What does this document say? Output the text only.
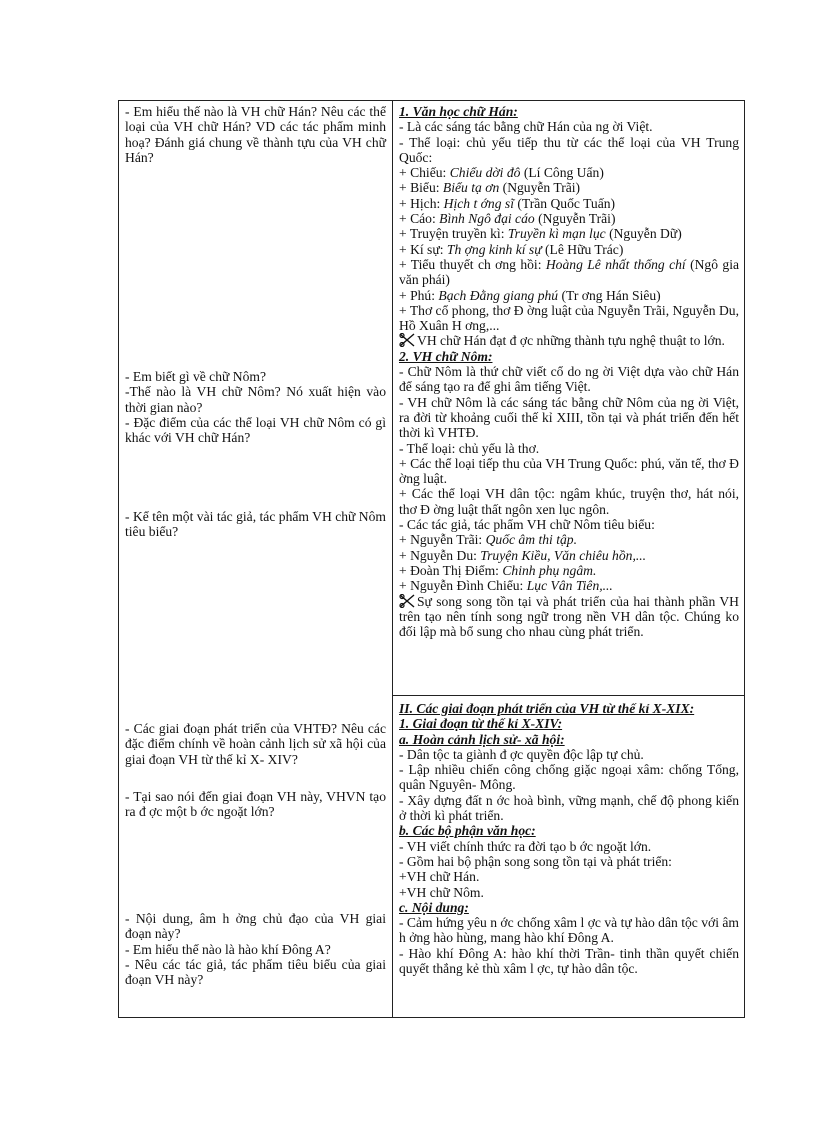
- Em hiểu thế nào là VH chữ Hán? Nêu các thể loại của VH chữ Hán? VD các tác phẩm minh hoạ? Đánh giá chung về thành tựu của VH chữ Hán?

- Em biết gì về chữ Nôm?

-Thế nào là VH chữ Nôm? Nó xuất hiện vào thời gian nào?

- Đặc điểm của các thể loại VH chữ Nôm có gì khác với VH chữ Hán?

- Kể tên một vài tác giả, tác phẩm VH chữ Nôm tiêu biểu?

- Các giai đoạn phát triển của VHTĐ? Nêu các đặc điểm chính về hoàn cảnh lịch sử xã hội của giai đoạn VH từ thế kỉ X- XIV?

- Tại sao nói đến giai đoạn VH này, VHVN tạo ra đ ợc một b ớc ngoặt lớn?

- Nội dung, âm h ởng chủ đạo của VH giai đoạn này?

- Em hiểu thế nào là hào khí Đông A?

- Nêu các tác giả, tác phẩm tiêu biểu của giai đoạn VH này?

1. Văn học chữ Hán:

- Là các sáng tác bằng chữ Hán của ng ời Việt.

- Thể loại: chủ yếu tiếp thu từ các thể loại của VH Trung Quốc:

+ Chiếu: Chiếu dời đô (Lí Công Uẩn)

+ Biểu: Biểu tạ ơn (Nguyễn Trãi)

+ Hịch: Hịch t ớng sĩ (Trần Quốc Tuấn)

+ Cáo: Bình Ngô đại cáo (Nguyễn Trãi)

+ Truyện truyền kì: Truyền kì mạn lục (Nguyễn Dữ)

+ Kí sự: Th ợng kinh kí sự (Lê Hữu Trác)

+ Tiểu thuyết ch ơng hồi: Hoàng Lê nhất thống chí (Ngô gia văn phái)

+ Phú: Bạch Đằng giang phú (Tr ơng Hán Siêu)

+ Thơ cổ phong, thơ Đ ờng luật của Nguyễn Trãi, Nguyễn Du, Hồ Xuân H ơng,...

VH chữ Hán đạt đ ợc những thành tựu nghệ thuật to lớn.

2. VH chữ Nôm:

- Chữ Nôm là thứ chữ viết cổ do ng ời Việt dựa vào chữ Hán để sáng tạo ra để ghi âm tiếng Việt.

- VH chữ Nôm là các sáng tác bằng chữ Nôm của ng ời Việt, ra đời từ khoảng cuối thế kỉ XIII, tồn tại và phát triển đến hết thời kì VHTĐ.

- Thể loại: chủ yếu là thơ.

+ Các thể loại tiếp thu của VH Trung Quốc: phú, văn tế, thơ Đ ờng luật.

+ Các thể loại VH dân tộc: ngâm khúc, truyện thơ, hát nói, thơ Đ ờng luật thất ngôn xen lục ngôn.

- Các tác giả, tác phẩm VH chữ Nôm tiêu biểu:

+ Nguyễn Trãi: Quốc âm thi tập.

+ Nguyễn Du: Truyện Kiều, Văn chiêu hồn,...

+ Đoàn Thị Điểm: Chinh phụ ngâm.

+ Nguyễn Đình Chiểu: Lục Vân Tiên,...

Sự song song tồn tại và phát triển của hai thành phần VH trên tạo nên tính song ngữ trong nền VH dân tộc. Chúng ko đối lập mà bổ sung cho nhau cùng phát triển.

II. Các giai đoạn phát triển của VH từ thế kỉ X-XIX:

1. Giai đoạn từ thế kỉ X-XIV:

a. Hoàn cảnh lịch sử- xã hội:

- Dân tộc ta giành đ ợc quyền độc lập tự chủ.

- Lập nhiều chiến công chống giặc ngoại xâm: chống Tống, quân Nguyên- Mông.

- Xây dựng đất n ớc hoà bình, vững mạnh, chế độ phong kiến ở thời kì phát triển.

b. Các bộ phận văn học:

- VH viết chính thức ra đời tạo b ớc ngoặt lớn.

- Gồm hai bộ phận song song tồn tại và phát triển:

+VH chữ Hán.

+VH chữ Nôm.

c. Nội dung:

- Cảm hứng yêu n ớc chống xâm l ợc và tự hào dân tộc với âm h ởng hào hùng, mang hào khí Đông A.

- Hào khí Đông A: hào khí thời Trần- tinh thần quyết chiến quyết thắng kẻ thù xâm l ợc, tự hào dân tộc.
